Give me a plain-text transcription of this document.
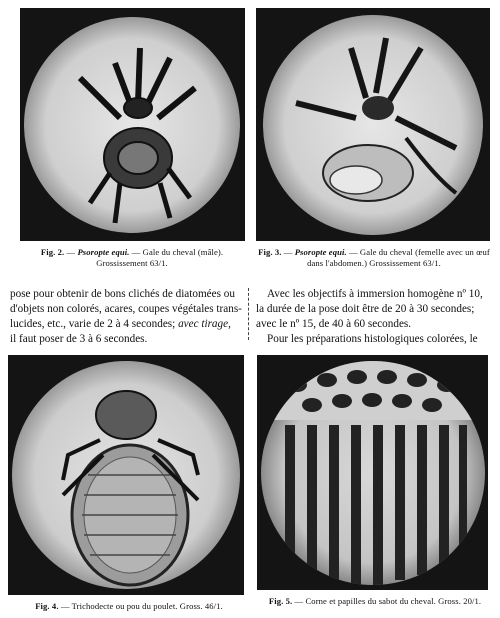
Fig. 2. — Psoropte equi. — Gale du cheval (mâle).
Grossissement 63/1.
Fig. 3. — Psoropte equi. — Gale du cheval (femelle avec un œuf
dans l'abdomen.) Grossissement 63/1.

pose pour obtenir de bons clichés de diatomées ou

d'objets non colorés, acares, coupes végétales trans-

lucides, etc., varie de 2 à 4 secondes; avec tirage,

il faut poser de 3 à 6 secondes.

Avec les objectifs à immersion homogène nº 10,

la durée de la pose doit être de 20 à 30 secondes;

avec le nº 15, de 40 à 60 secondes.

Pour les préparations histologiques colorées, le

Fig. 4. — Trichodecte ou pou du poulet. Gross. 46/1.	Fig. 5. — Corne et papilles du sabot du cheval. Gross. 20/1.
